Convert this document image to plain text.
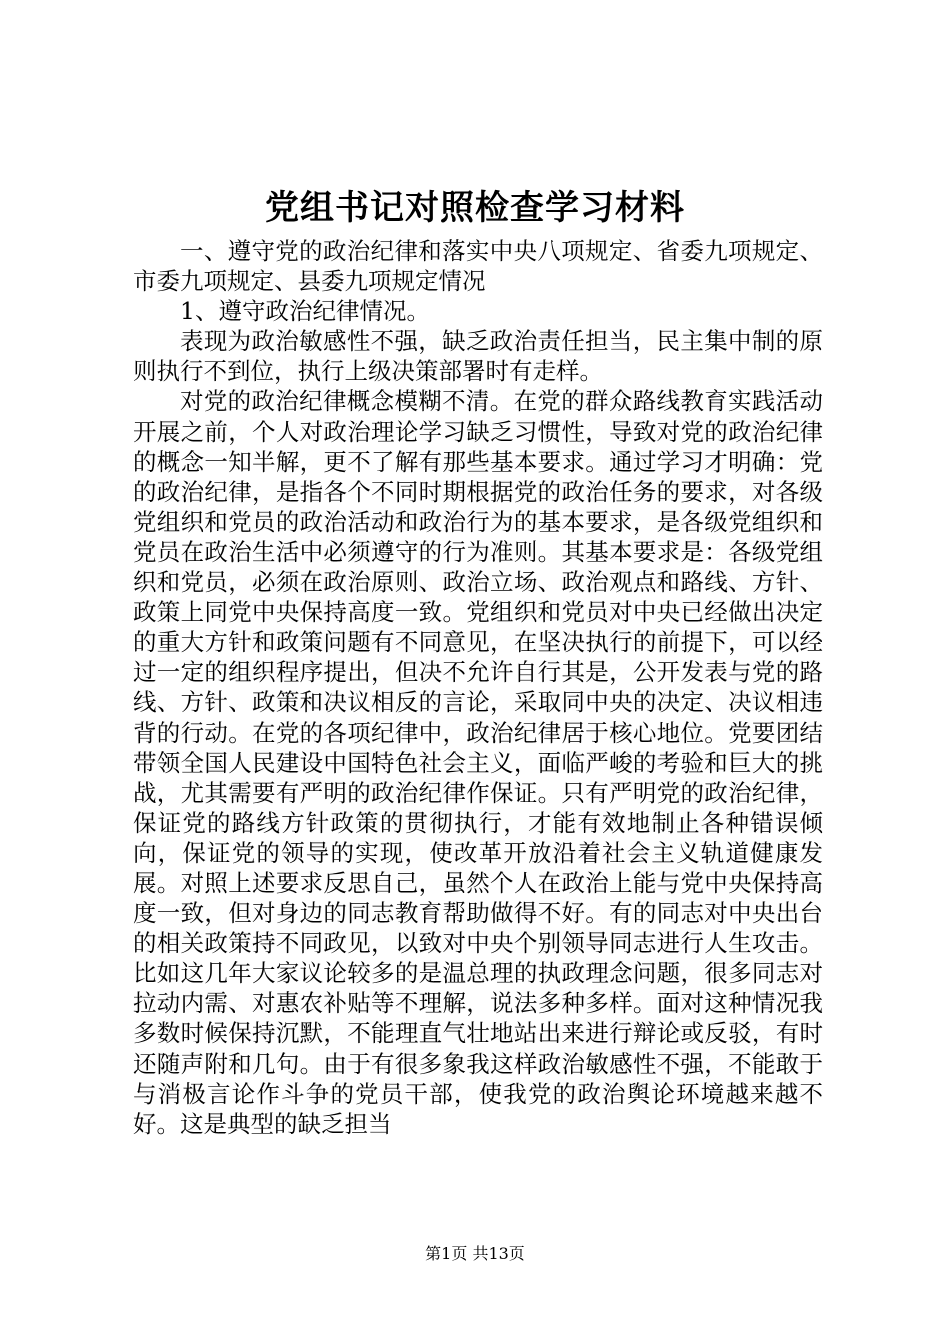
党组书记对照检查学习材料

一、遵守党的政治纪律和落实中央八项规定、省委九项规定、市委九项规定、县委九项规定情况

1、遵守政治纪律情况。

表现为政治敏感性不强，缺乏政治责任担当，民主集中制的原则执行不到位，执行上级决策部署时有走样。

对党的政治纪律概念模糊不清。在党的群众路线教育实践活动开展之前，个人对政治理论学习缺乏习惯性，导致对党的政治纪律的概念一知半解，更不了解有那些基本要求。通过学习才明确：党的政治纪律，是指各个不同时期根据党的政治任务的要求，对各级党组织和党员的政治活动和政治行为的基本要求，是各级党组织和党员在政治生活中必须遵守的行为准则。其基本要求是：各级党组织和党员，必须在政治原则、政治立场、政治观点和路线、方针、政策上同党中央保持高度一致。党组织和党员对中央已经做出决定的重大方针和政策问题有不同意见，在坚决执行的前提下，可以经过一定的组织程序提出，但决不允许自行其是，公开发表与党的路线、方针、政策和决议相反的言论，采取同中央的决定、决议相违背的行动。在党的各项纪律中，政治纪律居于核心地位。党要团结带领全国人民建设中国特色社会主义，面临严峻的考验和巨大的挑战，尤其需要有严明的政治纪律作保证。只有严明党的政治纪律，保证党的路线方针政策的贯彻执行，才能有效地制止各种错误倾向，保证党的领导的实现，使改革开放沿着社会主义轨道健康发展。对照上述要求反思自己，虽然个人在政治上能与党中央保持高度一致，但对身边的同志教育帮助做得不好。有的同志对中央出台的相关政策持不同政见，以致对中央个别领导同志进行人生攻击。比如这几年大家议论较多的是温总理的执政理念问题，很多同志对拉动内需、对惠农补贴等不理解，说法多种多样。面对这种情况我多数时候保持沉默，不能理直气壮地站出来进行辩论或反驳，有时还随声附和几句。由于有很多象我这样政治敏感性不强，不能敢于与消极言论作斗争的党员干部，使我党的政治舆论环境越来越不好。这是典型的缺乏担当

第1页 共13页
